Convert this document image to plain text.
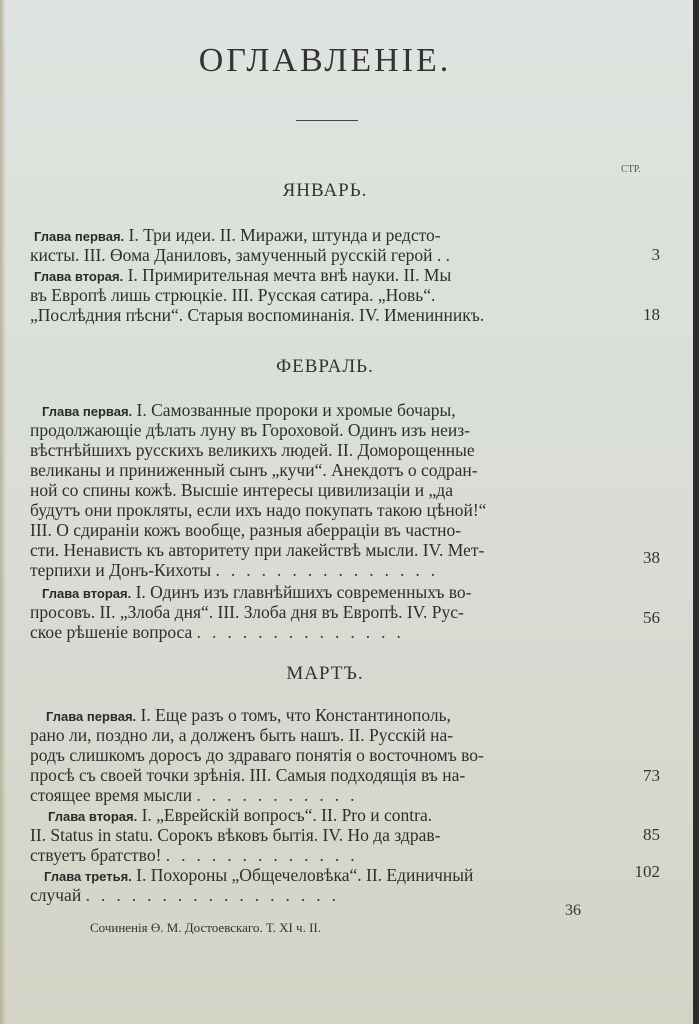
ОГЛАВЛЕНIЕ.
СТР.
ЯНВАРЬ.
Глава первая. I. Три идеи. II. Миражи, штунда и редсто-
кисты. III. Өома Даниловъ, замученный русскiй герой . .	3
Глава вторая. I. Примирительная мечта внѣ науки. II. Мы
въ Европѣ лишь стрюцкiе. III. Русская сатира. „Новь“.
„Послѣдния пѣсни“. Старыя воспоминанiя. IV. Именинникъ.	18
ФЕВРАЛЬ.
Глава первая. I. Самозванные пророки и хромые бочары,
продолжающiе дѣлать луну въ Гороховой. Одинъ изъ неиз-
вѣстнѣйшихъ русскихъ великихъ людей. II. Доморощенные
великаны и приниженный сынъ „кучи“. Анекдотъ о содран-
ной со спины кожѣ. Высшiе интересы цивилизацiи и „да
будутъ они прокляты, если ихъ надо покупать такою цѣной!“
III. О сдиранiи кожъ вообще, разныя аберрацiи въ частно-
сти. Ненависть къ авторитету при лакействѣ мысли. IV. Мет-
терпихи и Донъ-Кихоты ...............
38
Глава вторая. I. Одинъ изъ главнѣйшихъ современныхъ во-
просовъ. II. „Злоба дня“. III. Злоба дня въ Европѣ. IV. Рус-
ское рѣшенiе вопроса ..............
56
МАРТЪ.
Глава первая. I. Еще разъ о томъ, что Константинополь,
рано ли, поздно ли, а долженъ быть нашъ. II. Русскiй на-
родъ слишкомъ доросъ до здраваго понятiя о восточномъ во-
просѣ съ своей точки зрѣнiя. III. Самыя подходящiя въ на-
стоящее время мысли ...........
73
Глава вторая. I. „Еврейскiй вопросъ“. II. Pro и contra.
II. Status in statu. Сорокъ вѣковъ бытiя. IV. Но да здрав-
ствуетъ братство! .............
85
Глава третья. I. Похороны „Общечеловѣка“. II. Единичный
случай .................
102
36
Сочиненiя Ө. М. Достоевскаго. Т. XI ч. II.
